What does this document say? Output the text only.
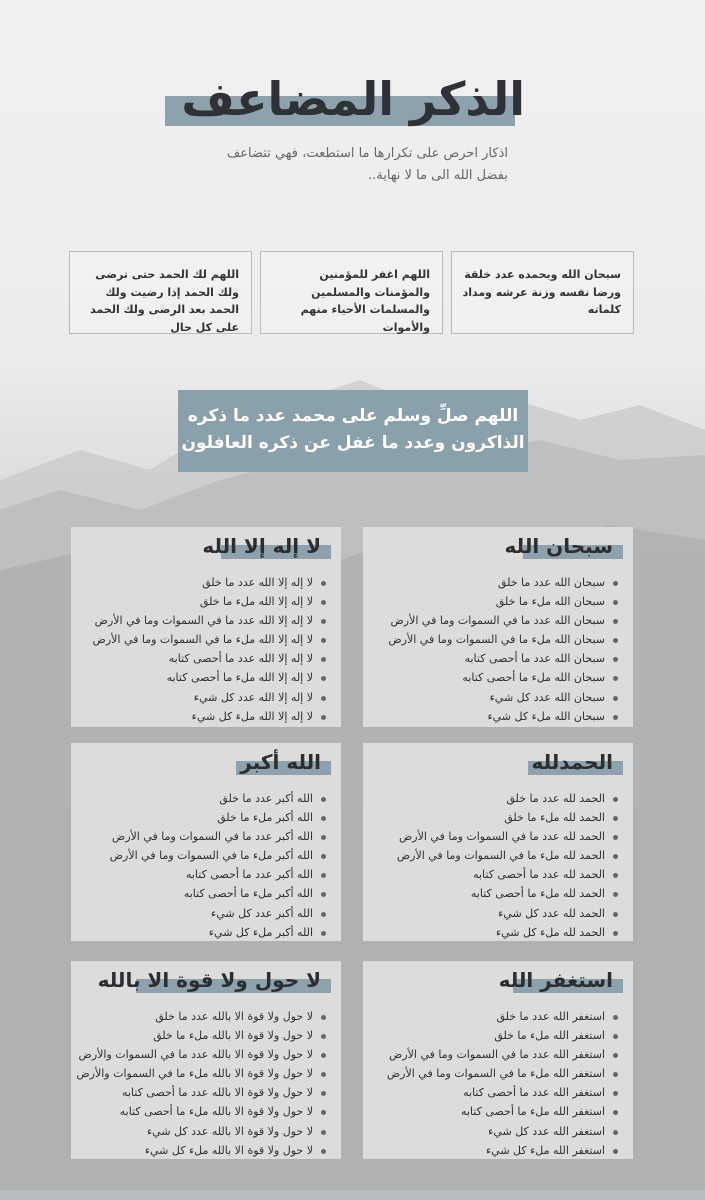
الذكر المضاعف
اذكار احرص على تكرارها ما استطعت، فهي تتضاعف بفضل الله الى ما لا نهاية..
سبحان الله وبحمده عدد خلقة ورضا نفسه وزنة عرشه ومداد كلماته
اللهم اغفر للمؤمنين والمؤمنات والمسلمين والمسلمات الأحياء منهم والأموات
اللهم لك الحمد حتى ترضى ولك الحمد إذا رضيت ولك الحمد بعد الرضى ولك الحمد على كل حال
اللهم صلِّ وسلم على محمد عدد ما ذكره الذاكرون وعدد ما غفل عن ذكره العافلون
سبحان الله
سبحان الله عدد ما خلق
سبحان الله ملء ما خلق
سبحان الله عدد ما في السموات وما في الأرض
سبحان الله ملء ما في السموات وما في الأرض
سبحان الله عدد ما أحصى كتابه
سبحان الله ملء ما أحصى كتابه
سبحان الله عدد كل شيء
سبحان الله ملء كل شيء
لا إله إلا الله
لا إله إلا الله عدد ما خلق
لا إله إلا الله ملء ما خلق
لا إله إلا الله عدد ما في السموات وما في الأرض
لا إله إلا الله ملء ما في السموات وما في الأرض
لا إله إلا الله عدد ما أحصى كتابه
لا إله إلا الله ملء ما أحصى كتابه
لا إله إلا الله عدد كل شيء
لا إله إلا الله ملء كل شيء
الحمدلله
الحمد لله عدد ما خلق
الحمد لله ملء ما خلق
الحمد لله عدد ما في السموات وما في الأرض
الحمد لله ملء ما في السموات وما في الأرض
الحمد لله عدد ما أحصى كتابه
الحمد لله ملء ما أحصى كتابه
الحمد لله عدد كل شيء
الحمد لله ملء كل شيء
الله أكبر
الله أكبر عدد ما خلق
الله أكبر ملء ما خلق
الله أكبر عدد ما في السموات وما في الأرض
الله أكبر ملء ما في السموات وما في الأرض
الله أكبر عدد ما أحصى كتابه
الله أكبر ملء ما أحصى كتابه
الله أكبر عدد كل شيء
الله أكبر ملء كل شيء
استغفر الله
استغفر الله عدد ما خلق
استغفر الله ملء ما خلق
استغفر الله عدد ما في السموات وما في الأرض
استغفر الله ملء ما في السموات وما في الأرض
استغفر الله عدد ما أحصى كتابه
استغفر الله ملء ما أحصى كتابه
استغفر الله عدد كل شيء
استغفر الله ملء كل شيء
لا حول ولا قوة الا بالله
لا حول ولا قوة الا بالله عدد ما خلق
لا حول ولا قوة الا بالله ملء ما خلق
لا حول ولا قوة الا بالله عدد ما في السموات والأرض
لا حول ولا قوة الا بالله ملء ما في السموات والأرض
لا حول ولا قوة الا بالله عدد ما أحصى كتابه
لا حول ولا قوة الا بالله ملء ما أحصى كتابه
لا حول ولا قوة الا بالله عدد كل شيء
لا حول ولا قوة الا بالله ملء كل شيء
